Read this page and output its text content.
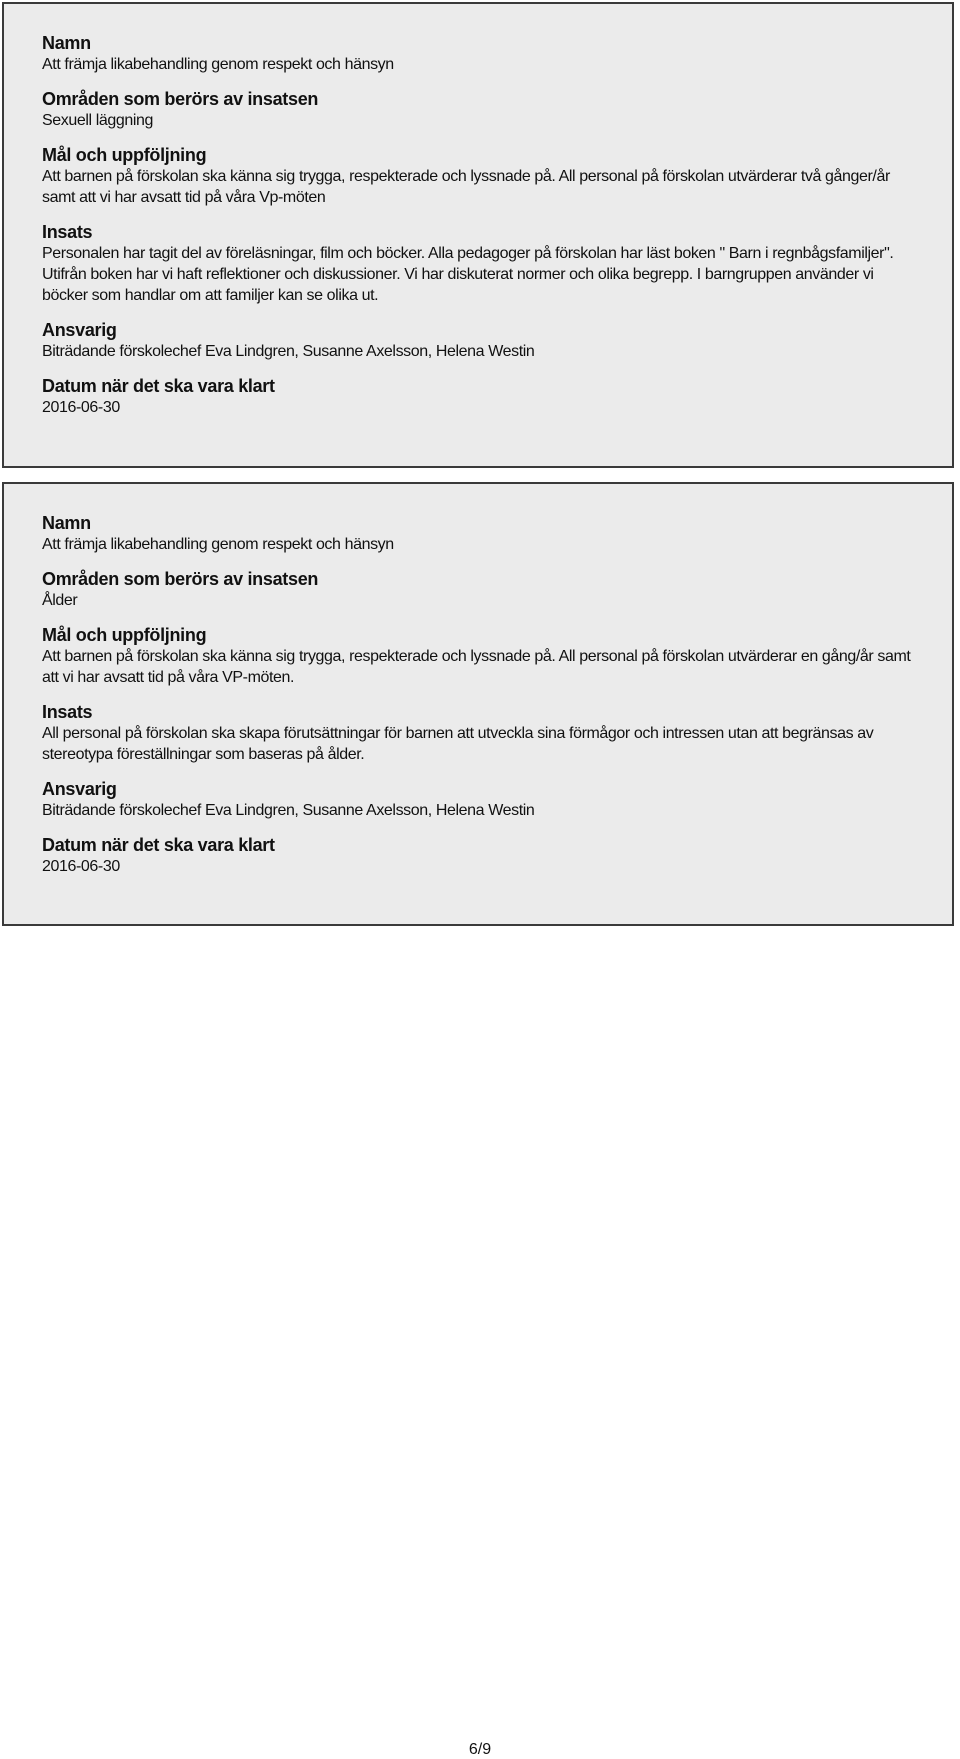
Namn

Att främja likabehandling genom respekt och hänsyn

Områden som berörs av insatsen

Sexuell läggning

Mål och uppföljning

Att barnen på förskolan ska känna sig trygga, respekterade och lyssnade på. All personal på förskolan utvärderar två gånger/år samt att vi har avsatt tid på våra Vp-möten

Insats

Personalen har tagit del av föreläsningar, film och böcker. Alla pedagoger på förskolan har läst boken " Barn i regnbågsfamiljer". Utifrån boken har vi haft reflektioner och diskussioner. Vi har diskuterat normer och olika begrepp. I barngruppen använder vi böcker som handlar om att familjer kan se olika ut.

Ansvarig

Biträdande förskolechef Eva Lindgren, Susanne Axelsson, Helena Westin

Datum när det ska vara klart

2016-06-30

Namn

Att främja likabehandling genom respekt och hänsyn

Områden som berörs av insatsen

Ålder

Mål och uppföljning

Att barnen på förskolan ska känna sig trygga, respekterade och lyssnade på. All personal på förskolan utvärderar en gång/år samt att vi har avsatt tid på våra VP-möten.

Insats

All personal på förskolan ska skapa förutsättningar för barnen att utveckla sina förmågor och intressen utan att begränsas av stereotypa föreställningar som baseras på ålder.

Ansvarig

Biträdande förskolechef Eva Lindgren, Susanne Axelsson, Helena Westin

Datum när det ska vara klart

2016-06-30

6/9
